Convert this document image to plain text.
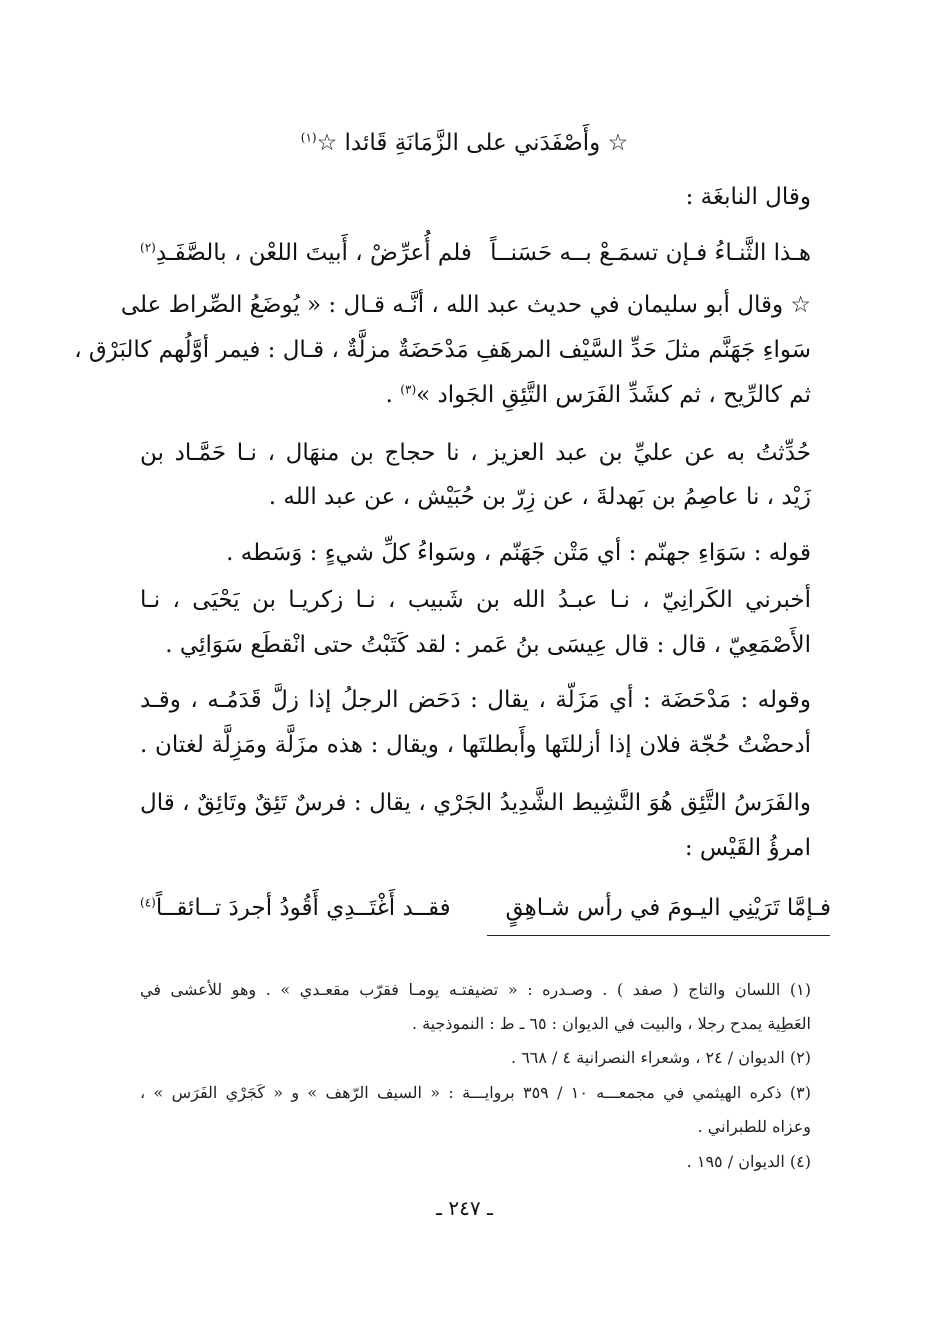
☆ وأَصْفَدَني على الزَّمَانَةِ قَائدا ☆$^{(١)}$
وقال النابغَة :
هـذا الثَّنـاءُ فـإن تسمَـعْ بــه حَسَنــاً
فلم أُعرِّضْ ، أَبيتَ اللعْن ، بالصَّفَـدِ$^{(٢)}$
☆ وقال أبو سليمان في حديث عبد الله ، أنَّـه قـال : « يُوضَعُ الصِّراط على
سَواءِ جَهَنَّم مثلَ حَدِّ السَّيْف المرهَفِ مَدْحَضَةٌ مزلَّةٌ ، قـال : فيمر أوَّلُهم كالبَرْق ،
ثم كالرِّيح ، ثم كشَدِّ الفَرَس التَّئِقِ الجَواد »$^{(٣)}$ .
حُدِّثتُ به عن عليِّ بن عبد العزيز ، نا حجاج بن منهَال ، نـا حَمَّـاد بن
زَيْد ، نا عاصِمُ بن بَهدلةَ ، عن زِرّ بن حُبَيْش ، عن عبد الله .
قوله : سَوَاءِ جهنّم : أي مَتْن جَهَنّم ، وسَواءُ كلِّ شيءٍ : وَسَطه .
أخبرني الكَرانِيّ ، نـا عبـدُ الله بن شَبيب ، نـا زكريـا بن يَحْيَى ، نـا
الأَصْمَعِيّ ، قال : قال عِيسَى بنُ عَمر : لقد كَتَبْتُ حتى انْقطَع سَوَائِي .
وقوله : مَدْحَضَة : أي مَزَلّة ، يقال : دَحَض الرجلُ إذا زلَّ قَدَمُـه ، وقـد
أدحضْتُ حُجّة فلان إذا أزللتَها وأَبطلتَها ، ويقال : هذه مزَلَّة ومَزِلَّة لغتان .
والفَرَسُ التَّئِق هُوَ النَّشِيط الشَّدِيدُ الجَرْي ، يقال : فرسٌ تَئِقٌ وتَائِقٌ ، قال
امرؤُ القَيْس :
فـإمَّا تَرَيْنِي اليـومَ في رأس شـاهِقٍ
فقــد أَغْتَــدِي أَقُودُ أجردَ تــائقــاً$^{(٤)}$
(١) اللسان والتاج ( صفد ) . وصـدره : « تضيفتـه يومـا فقرّب مقعـدي » . وهو للأعشى في
العَطِية يمدح رجلا ، والبيت في الديوان : ٦٥ ـ ط : النموذجية .
(٢) الديوان / ٢٤ ، وشعراء النصرانية ٤ / ٦٦٨ .
(٣) ذكره الهيثمي في مجمعـــه ١٠ / ٣٥٩ بروايـــة : « السيف الرّهف » و « كَجَرْي الفَرَس » ،
وعزاه للطبراني .
(٤) الديوان / ١٩٥ .
ـ ٢٤٧ ـ
